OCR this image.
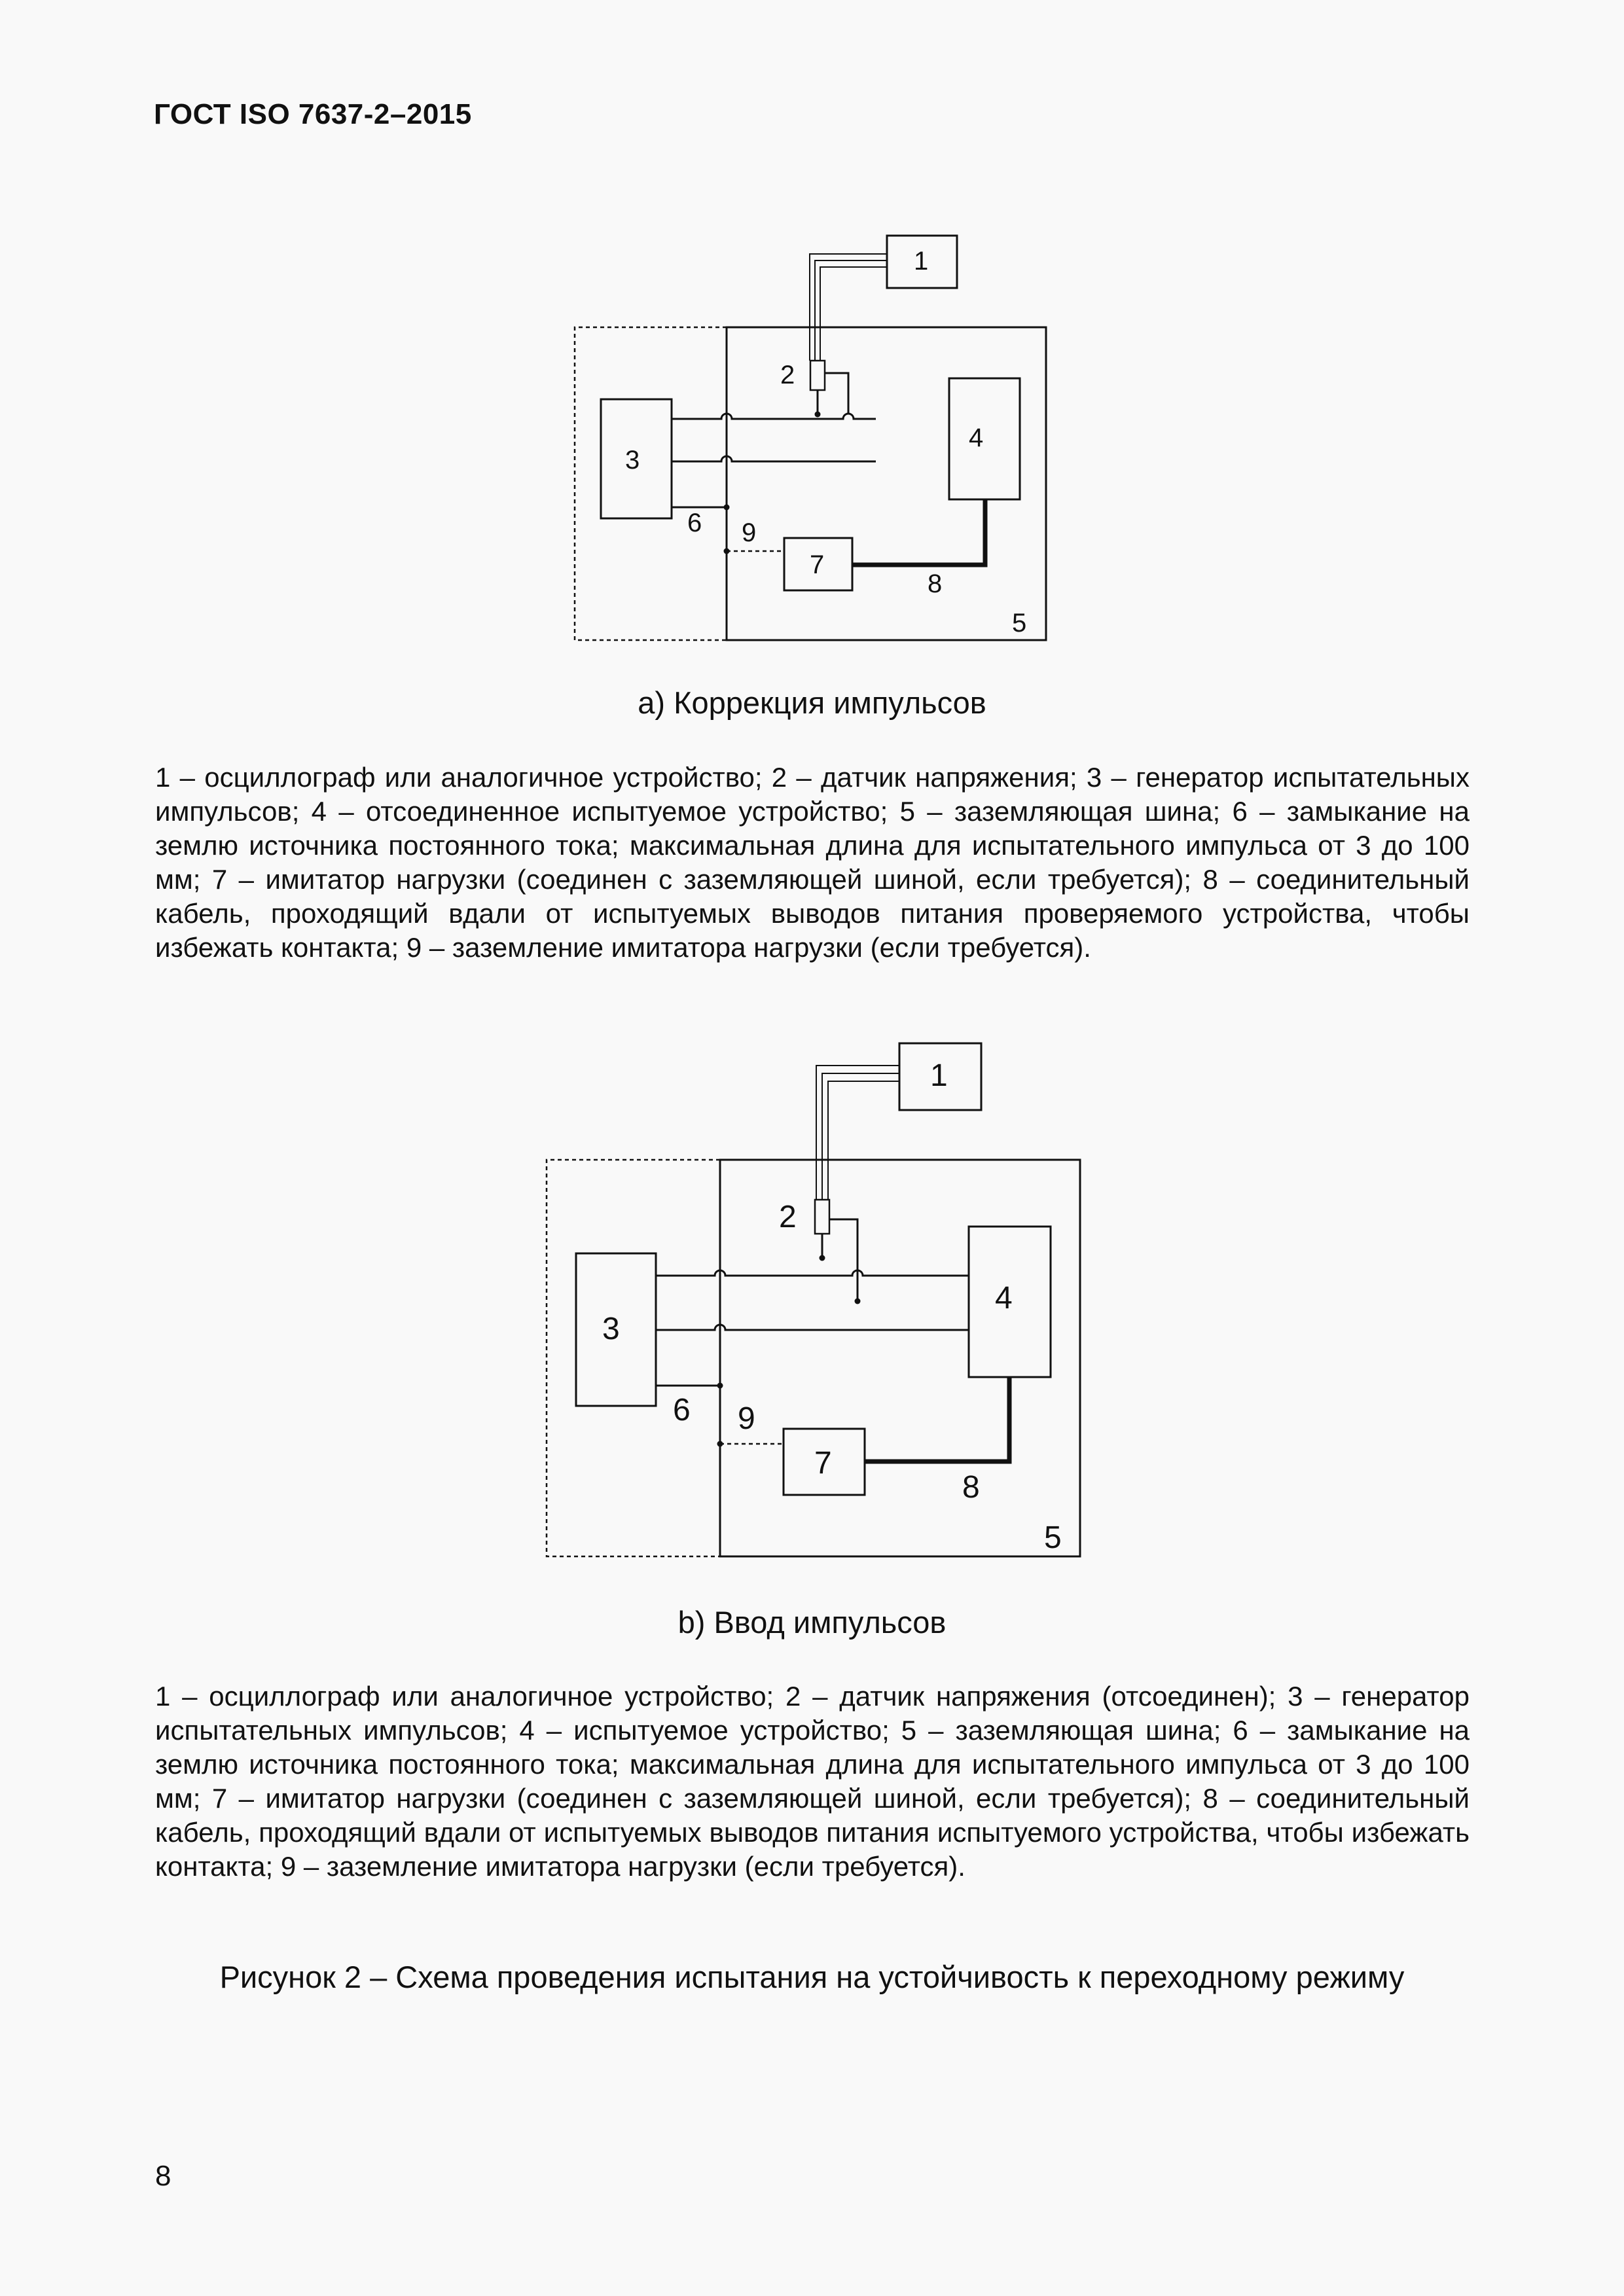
ГОСТ ISO 7637-2–2015
1
2
3
4
5
6
7
8
9
a) Коррекция импульсов
1 – осциллограф или аналогичное устройство; 2 – датчик напряжения; 3 – генератор испытательных импульсов; 4 – отсоединенное испытуемое устройство; 5 – заземляющая шина; 6 – замыкание на землю источника постоянного тока; максимальная длина для испытательного импульса от 3 до 100 мм; 7 – имитатор нагрузки (соединен с заземляющей шиной, если требуется); 8 – соединительный кабель, проходящий вдали от испытуемых выводов питания проверяемого устройства, чтобы избежать контакта; 9 – заземление имитатора нагрузки (если требуется).
1
2
3
4
5
6
7
8
9
b) Ввод импульсов
1 – осциллограф или аналогичное устройство; 2 – датчик напряжения (отсоединен); 3 – генератор испытательных импульсов; 4 – испытуемое устройство; 5 – заземляющая шина; 6 – замыкание на землю источника постоянного тока; максимальная длина для испытательного импульса от 3 до 100 мм; 7 – имитатор нагрузки (соединен с заземляющей шиной, если требуется); 8 – соединительный кабель, проходящий вдали от испытуемых выводов питания испытуемого устройства, чтобы избежать контакта; 9 – заземление имитатора нагрузки (если требуется).
Рисунок 2 – Схема проведения испытания на устойчивость к переходному режиму
8
